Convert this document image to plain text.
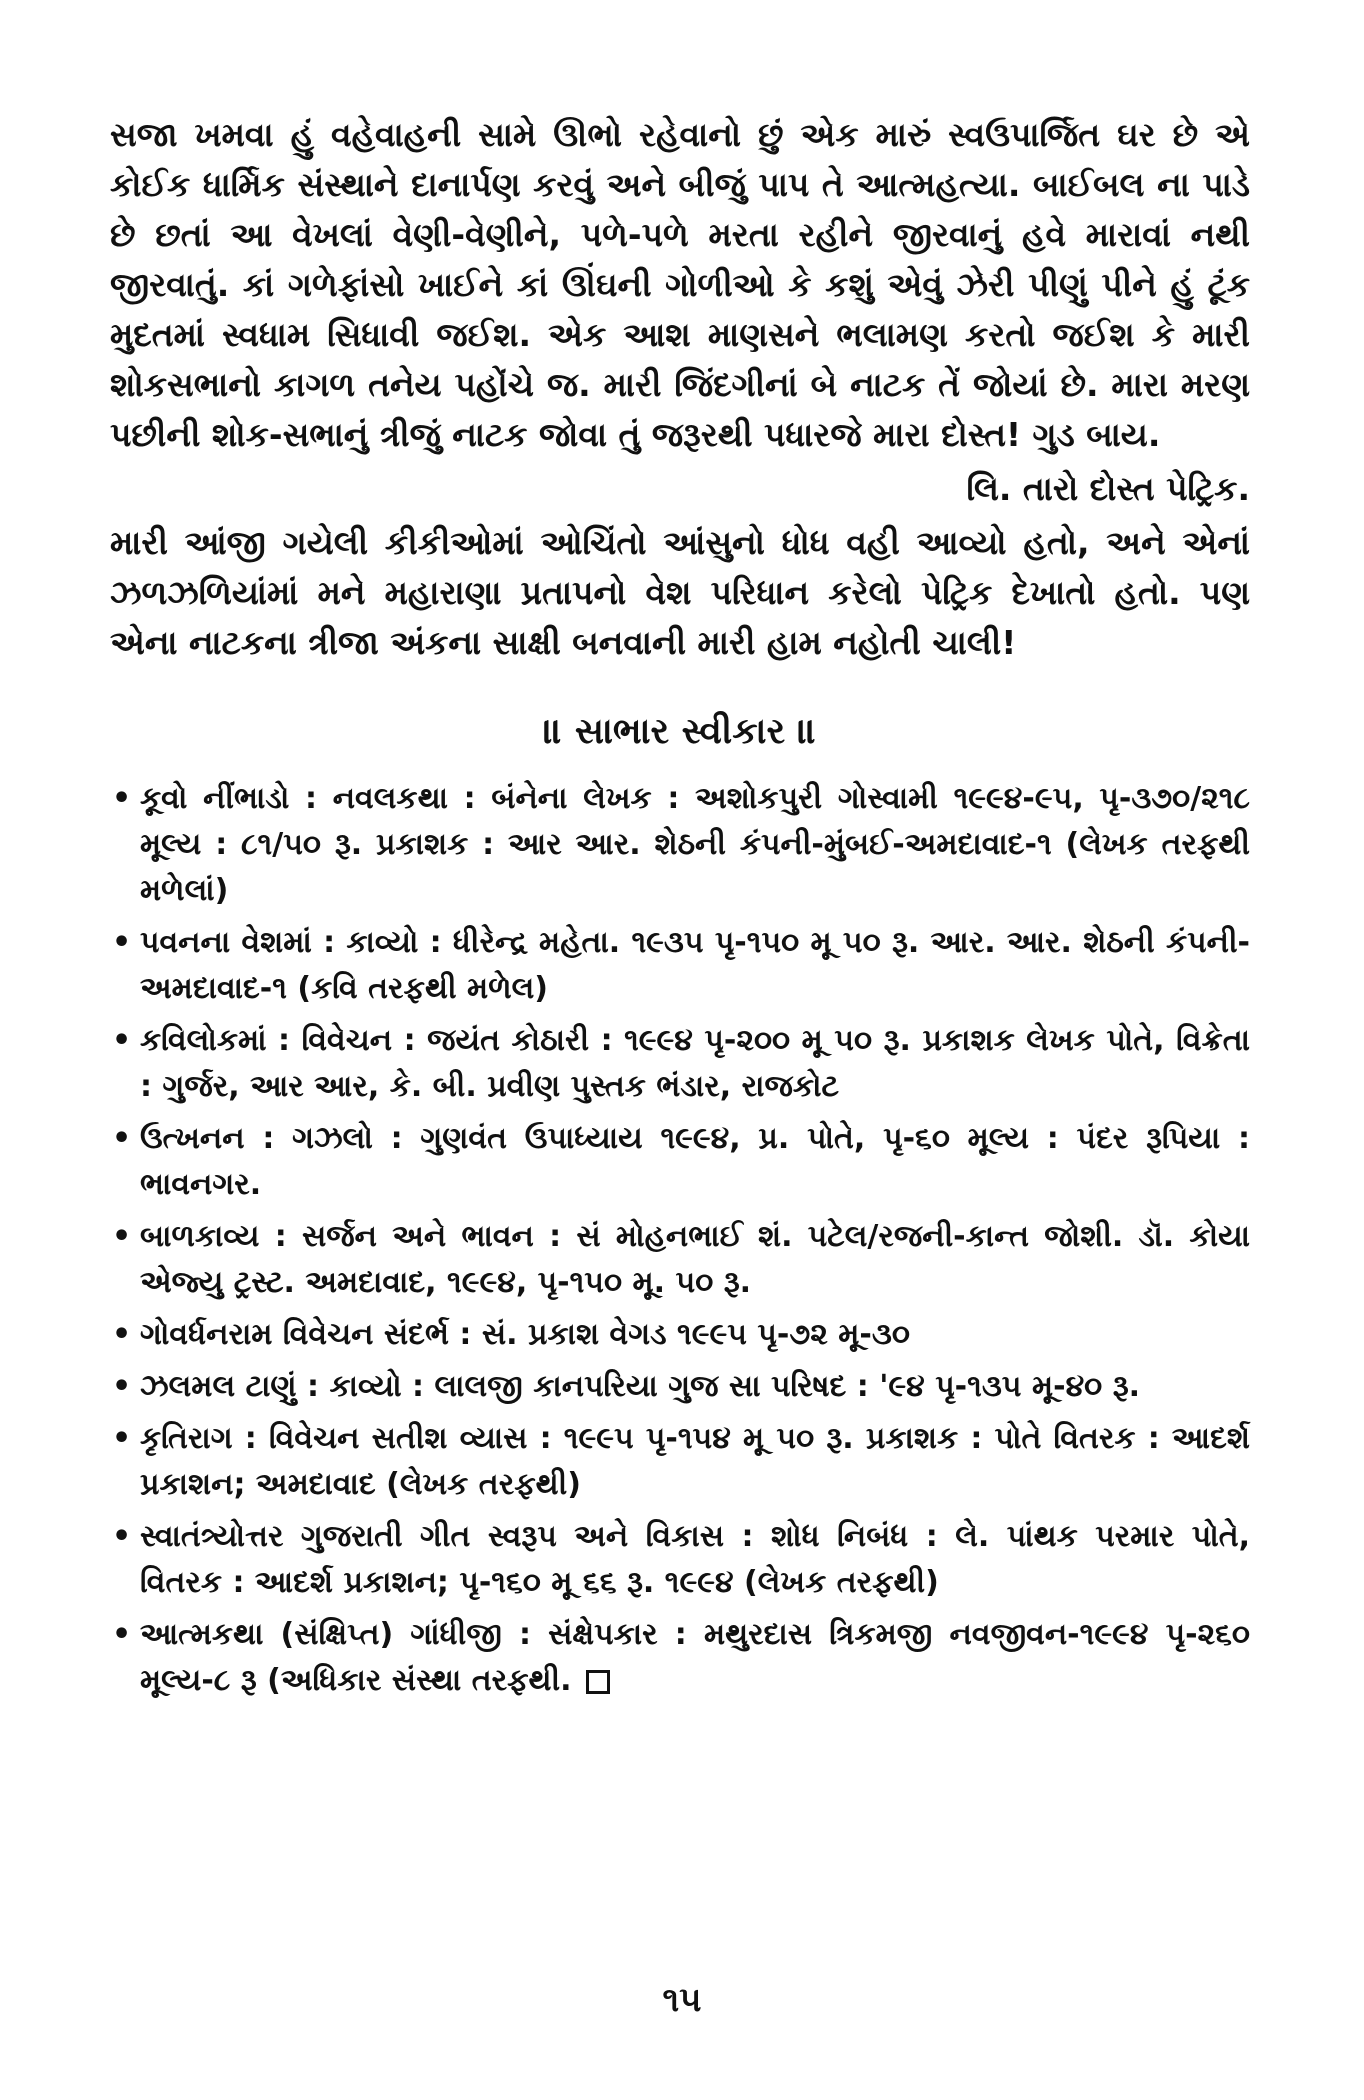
સજા ખમવા હું વહેવાહની સામે ઊભો રહેવાનો છું એક મારું સ્વઉપાર્જિત ઘર છે એ કોઈક ધાર્મિક સંસ્થાને દાનાર્પણ કરવું અને બીજું પાપ તે આત્મહત્યા. બાઈબલ ના પાડે છે છતાં આ વેખલાં વેણી-વેણીને, પળે-પળે મરતા રહીને જીરવાનું હવે મારાવાં નથી જીરવાતું. કાં ગળેફાંસો ખાઈને કાં ઊંઘની ગોળીઓ કે કશું એવું ઝેરી પીણું પીને હું ટૂંક મુદતમાં સ્વધામ સિધાવી જઈશ. એક આશ માણસને ભલામણ કરતો જઈશ કે મારી શોકસભાનો કાગળ તનેય પહોંચે જ. મારી જિંદગીનાં બે નાટક તેં જોયાં છે. મારા મરણ પછીની શોક-સભાનું ત્રીજું નાટક જોવા તું જરૂરથી પધારજે મારા દોસ્ત! ગુડ બાય.

લિ. તારો દોસ્ત પેટ્રિક.

મારી આંજી ગયેલી કીકીઓમાં ઓચિંતો આંસુનો ધોધ વહી આવ્યો હતો, અને એનાં ઝળઝળિયાંમાં મને મહારાણા પ્રતાપનો વેશ પરિધાન કરેલો પેટ્રિક દેખાતો હતો. પણ એના નાટકના ત્રીજા અંકના સાક્ષી બનવાની મારી હામ નહોતી ચાલી!

॥ સાભાર સ્વીકાર ॥
• કૂવો નીંભાડો : નવલકથા : બંનેના લેખક : અશોકપુરી ગોસ્વામી ૧૯૯૪-૯૫, પૃ-૩૭૦/૨૧૮ મૂલ્ય : ૮૧/૫૦ રૂ. પ્રકાશક : આર આર. શેઠની કંપની-મુંબઈ-અમદાવાદ-૧ (લેખક તરફથી મળેલાં)
• પવનના વેશમાં : કાવ્યો : ધીરેન્દ્ર મહેતા. ૧૯૩૫ પૃ-૧૫૦ મૂ ૫૦ રૂ. આર. આર. શેઠની કંપની-અમદાવાદ-૧ (કવિ તરફથી મળેલ)
• કવિલોકમાં : વિવેચન : જયંત કોઠારી : ૧૯૯૪ પૃ-૨૦૦ મૂ ૫૦ રૂ. પ્રકાશક લેખક પોતે, વિક્રેતા : ગુર્જર, આર આર, કે. બી. પ્રવીણ પુસ્તક ભંડાર, રાજકોટ
• ઉત્ખનન : ગઝલો : ગુણવંત ઉપાધ્યાય ૧૯૯૪, પ્ર. પોતે, પૃ-૬૦ મૂલ્ય : પંદર રૂપિયા : ભાવનગર.
• બાળકાવ્ય : સર્જન અને ભાવન : સં મોહનભાઈ શં. પટેલ/રજની-કાન્ત જોશી. ડૉ. કોયા એજ્યુ ટ્રસ્ટ. અમદાવાદ, ૧૯૯૪, પૃ-૧૫૦ મૂ. ૫૦ રૂ.
• ગોવર્ધનરામ વિવેચન સંદર્ભ : સં. પ્રકાશ વેગડ ૧૯૯૫ પૃ-૭૨ મૂ-૩૦
• ઝલમલ ટાણું : કાવ્યો : લાલજી કાનપરિયા ગુજ સા પરિષદ : '૯૪ પૃ-૧૩૫ મૂ-૪૦ રૂ.
• કૃતિરાગ : વિવેચન સતીશ વ્યાસ : ૧૯૯૫ પૃ-૧૫૪ મૂ ૫૦ રૂ. પ્રકાશક : પોતે વિતરક : આદર્શ પ્રકાશન; અમદાવાદ (લેખક તરફથી)
• સ્વાતંત્ર્યોત્તર ગુજરાતી ગીત સ્વરૂપ અને વિકાસ : શોધ નિબંધ : લે. પાંથક પરમાર પોતે, વિતરક : આદર્શ પ્રકાશન; પૃ-૧૬૦ મૂ ૬૬ રૂ. ૧૯૯૪ (લેખક તરફથી)
• આત્મકથા (સંક્ષિપ્ત) ગાંધીજી : સંક્ષેપકાર : મથુરદાસ ત્રિકમજી નવજીવન-૧૯૯૪ પૃ-૨૬૦ મૂલ્ય-૮ રૂ (અધિકાર સંસ્થા તરફથી.
૧૫
